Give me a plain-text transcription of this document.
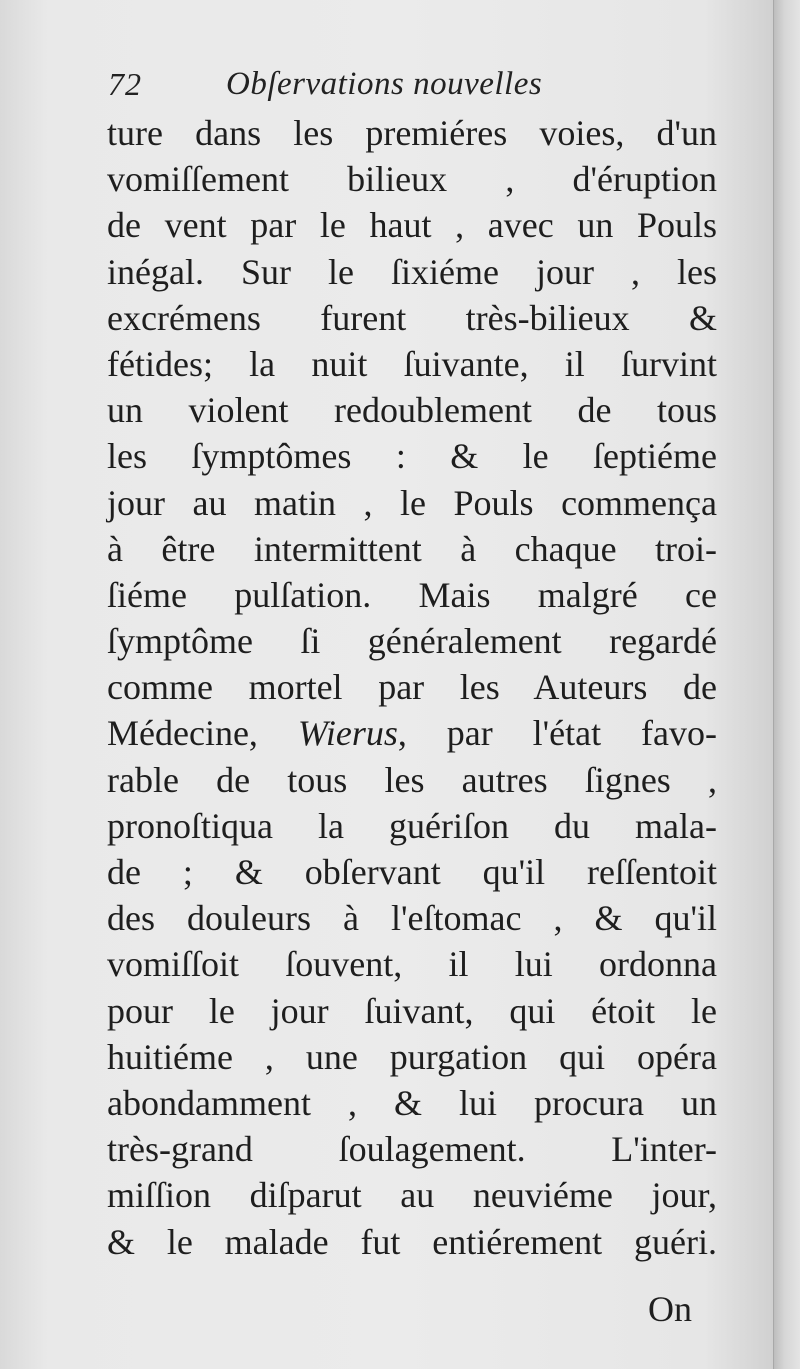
72	Obſervations nouvelles
ture dans les premiéres voies, d'un
vomiſſement bilieux , d'éruption
de vent par le haut , avec un Pouls
inégal. Sur le ſixiéme jour , les
excrémens furent très-bilieux &
fétides; la nuit ſuivante, il ſurvint
un violent redoublement de tous
les ſymptômes : & le ſeptiéme
jour au matin , le Pouls commença
à être intermittent à chaque troi-
ſiéme pulſation. Mais malgré ce
ſymptôme ſi généralement regardé
comme mortel par les Auteurs de
Médecine, Wierus, par l'état favo-
rable de tous les autres ſignes ,
pronoſtiqua la guériſon du mala-
de ; & obſervant qu'il reſſentoit
des douleurs à l'eſtomac , & qu'il
vomiſſoit ſouvent, il lui ordonna
pour le jour ſuivant, qui étoit le
huitiéme , une purgation qui opéra
abondamment , & lui procura un
très-grand ſoulagement. L'inter-
miſſion diſparut au neuviéme jour,
& le malade fut entiérement guéri.
On
